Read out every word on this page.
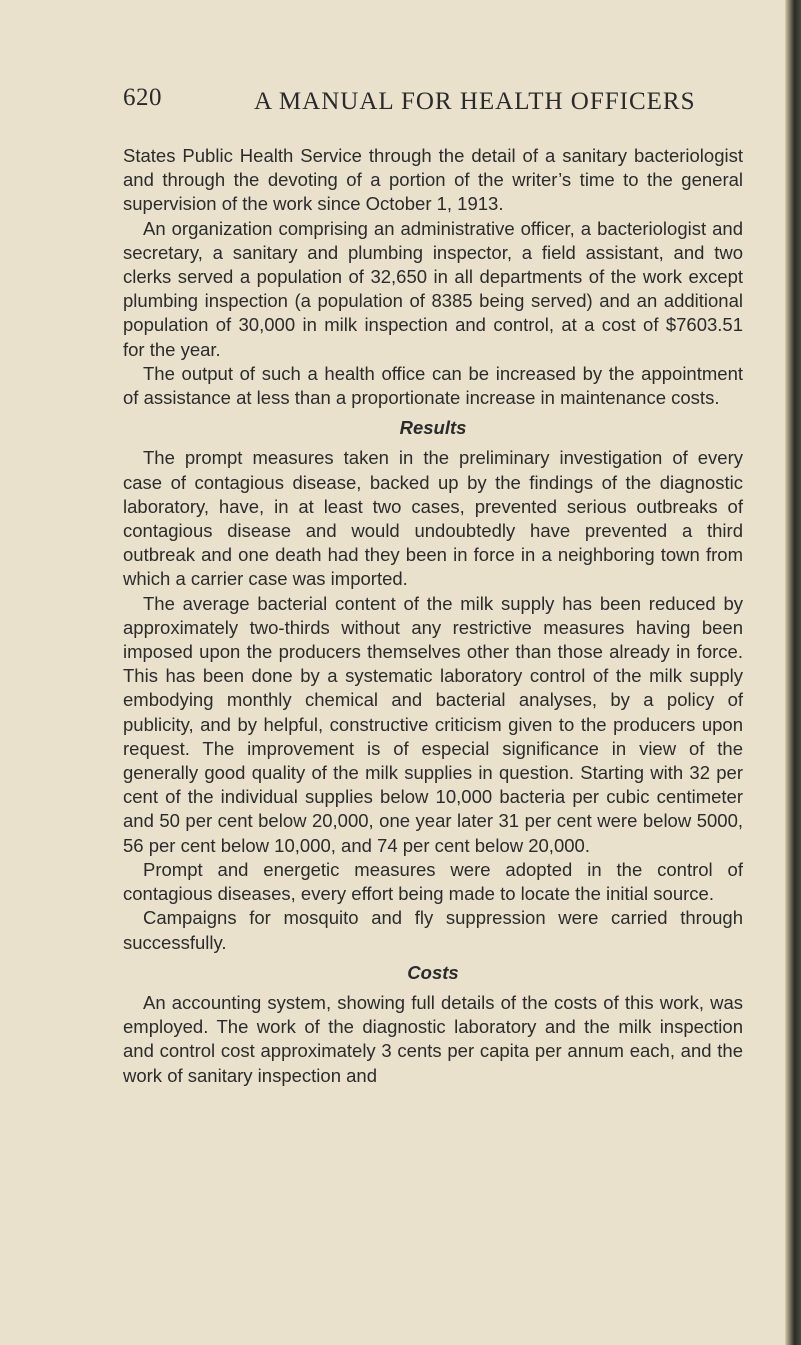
620	A MANUAL FOR HEALTH OFFICERS

States Public Health Service through the detail of a sanitary bacteriologist and through the devoting of a portion of the writer’s time to the general supervision of the work since October 1, 1913.

An organization comprising an administrative officer, a bacteriologist and secretary, a sanitary and plumbing inspector, a field assistant, and two clerks served a population of 32,650 in all departments of the work except plumbing inspection (a population of 8385 being served) and an additional population of 30,000 in milk inspection and control, at a cost of $7603.51 for the year.

The output of such a health office can be increased by the appointment of assistance at less than a proportionate increase in maintenance costs.

Results

The prompt measures taken in the preliminary investigation of every case of contagious disease, backed up by the findings of the diagnostic laboratory, have, in at least two cases, prevented serious outbreaks of contagious disease and would undoubtedly have prevented a third outbreak and one death had they been in force in a neighboring town from which a carrier case was imported.

The average bacterial content of the milk supply has been reduced by approximately two-thirds without any restrictive measures having been imposed upon the producers themselves other than those already in force. This has been done by a systematic laboratory control of the milk supply embodying monthly chemical and bacterial analyses, by a policy of publicity, and by helpful, constructive criticism given to the producers upon request. The improvement is of especial significance in view of the generally good quality of the milk supplies in question. Starting with 32 per cent of the individual supplies below 10,000 bacteria per cubic centimeter and 50 per cent below 20,000, one year later 31 per cent were below 5000, 56 per cent below 10,000, and 74 per cent below 20,000.

Prompt and energetic measures were adopted in the control of contagious diseases, every effort being made to locate the initial source.

Campaigns for mosquito and fly suppression were carried through successfully.

Costs

An accounting system, showing full details of the costs of this work, was employed. The work of the diagnostic laboratory and the milk inspection and control cost approximately 3 cents per capita per annum each, and the work of sanitary inspection and
